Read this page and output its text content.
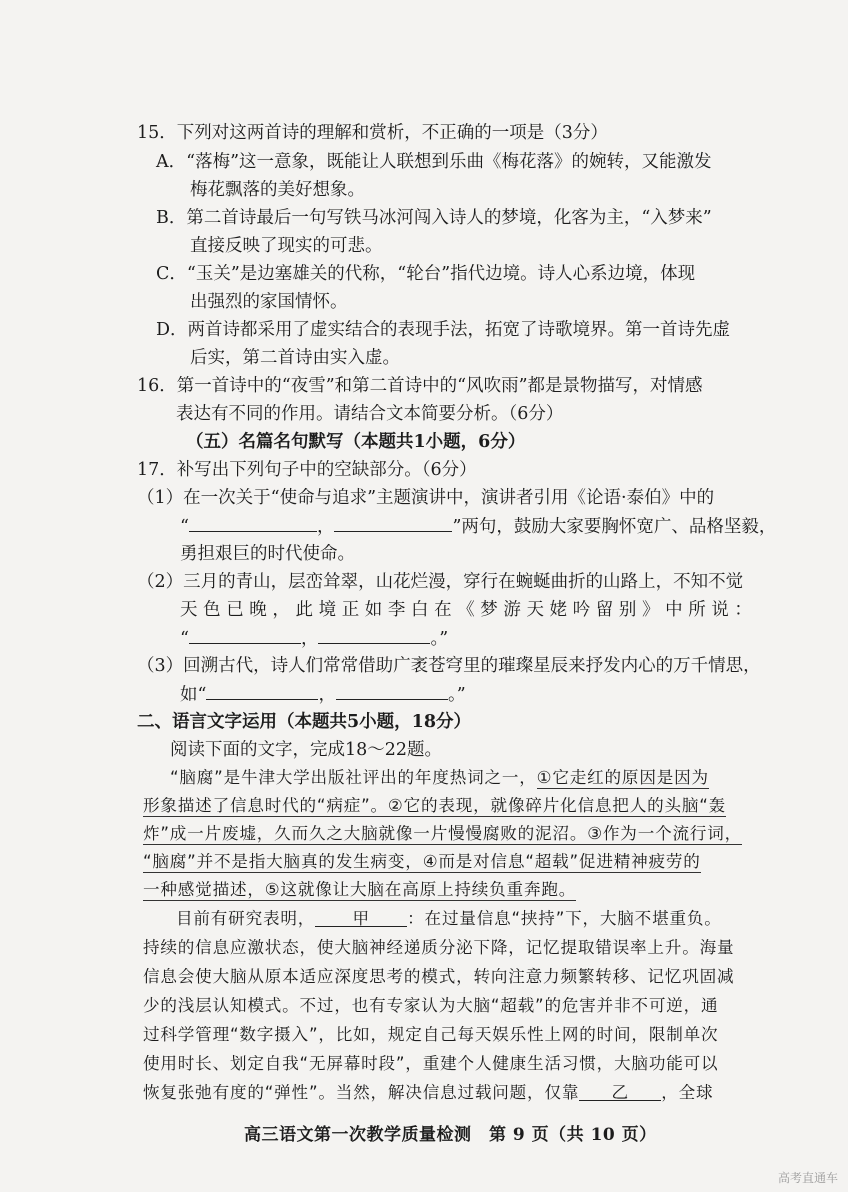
15．下列对这两首诗的理解和赏析，不正确的一项是（3分）
A．“落梅”这一意象，既能让人联想到乐曲《梅花落》的婉转，又能激发
梅花飘落的美好想象。
B．第二首诗最后一句写铁马冰河闯入诗人的梦境，化客为主，“入梦来”
直接反映了现实的可悲。
C．“玉关”是边塞雄关的代称，“轮台”指代边境。诗人心系边境，体现
出强烈的家国情怀。
D．两首诗都采用了虚实结合的表现手法，拓宽了诗歌境界。第一首诗先虚
后实，第二首诗由实入虚。
16．第一首诗中的“夜雪”和第二首诗中的“风吹雨”都是景物描写，对情感
表达有不同的作用。请结合文本简要分析。（6分）
（五）名篇名句默写（本题共1小题，6分）
17．补写出下列句子中的空缺部分。（6分）
（1）在一次关于“使命与追求”主题演讲中，演讲者引用《论语·泰伯》中的
“	，	”两句，鼓励大家要胸怀宽广、品格坚毅，
勇担艰巨的时代使命。
（2）三月的青山，层峦耸翠，山花烂漫，穿行在蜿蜒曲折的山路上，不知不觉
天色已晚，此境正如李白在《梦游天姥吟留别》中所说：
“	，	。”
（3）回溯古代，诗人们常常借助广袤苍穹里的璀璨星辰来抒发内心的万千情思，
如“	，	。”
二、语言文字运用（本题共5小题，18分）
阅读下面的文字，完成18～22题。
“脑腐”是牛津大学出版社评出的年度热词之一，①它走红的原因是因为
形象描述了信息时代的“病症”。②它的表现，就像碎片化信息把人的头脑“轰
炸”成一片废墟，久而久之大脑就像一片慢慢腐败的泥沼。③作为一个流行词，
“脑腐”并不是指大脑真的发生病变，④而是对信息“超载”促进精神疲劳的
一种感觉描述，⑤这就像让大脑在高原上持续负重奔跑。
目前有研究表明， 甲 ：在过量信息“挟持”下，大脑不堪重负。
持续的信息应激状态，使大脑神经递质分泌下降，记忆提取错误率上升。海量
信息会使大脑从原本适应深度思考的模式，转向注意力频繁转移、记忆巩固减
少的浅层认知模式。不过，也有专家认为大脑“超载”的危害并非不可逆，通
过科学管理“数字摄入”，比如，规定自己每天娱乐性上网的时间，限制单次
使用时长、划定自我“无屏幕时段”，重建个人健康生活习惯，大脑功能可以
恢复张弛有度的“弹性”。当然，解决信息过载问题，仅靠 乙 ，全球
高三语文第一次教学质量检测　第 9 页（共 10 页）
高考直通车
